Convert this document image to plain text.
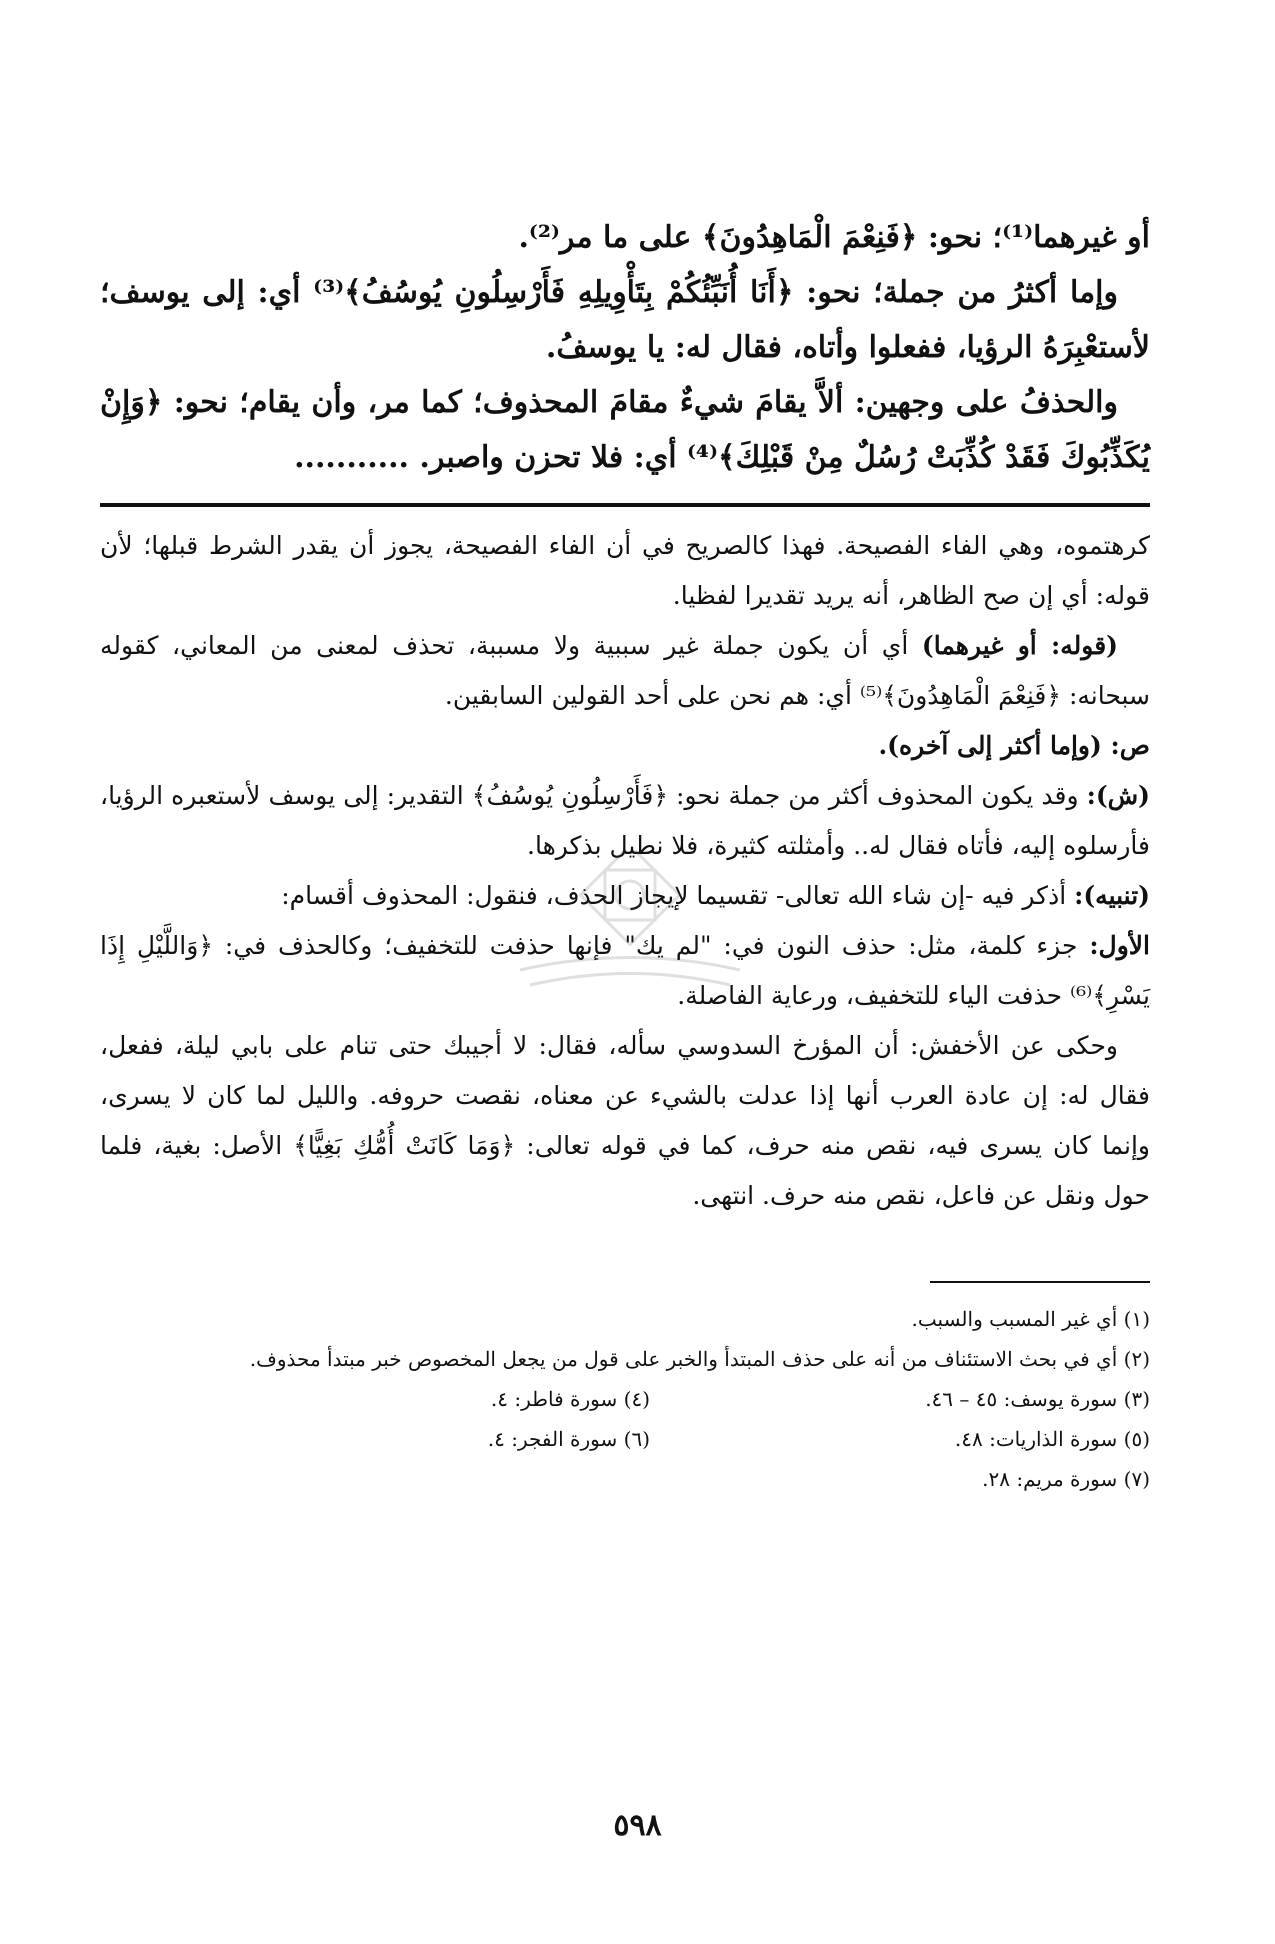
أو غيرهما⁽¹⁾؛ نحو: ﴿فَنِعْمَ الْمَاهِدُونَ﴾ على ما مر⁽²⁾.

وإما أكثرُ من جملة؛ نحو: ﴿أَنَا أُنَبِّئُكُمْ بِتَأْوِيلِهِ فَأَرْسِلُونِ يُوسُفُ﴾⁽³⁾ أي: إلى يوسف؛ لأستعْبِرَهُ الرؤيا، ففعلوا وأتاه، فقال له: يا يوسفُ.

والحذفُ على وجهين: ألاَّ يقامَ شيءٌ مقامَ المحذوف؛ كما مر، وأن يقام؛ نحو: ﴿وَإِنْ يُكَذِّبُوكَ فَقَدْ كُذِّبَتْ رُسُلٌ مِنْ قَبْلِكَ﴾⁽⁴⁾ أي: فلا تحزن واصبر. ...........

كرهتموه، وهي الفاء الفصيحة. فهذا كالصريح في أن الفاء الفصيحة، يجوز أن يقدر الشرط قبلها؛ لأن قوله: أي إن صح الظاهر، أنه يريد تقديرا لفظيا.

(قوله: أو غيرهما) أي أن يكون جملة غير سببية ولا مسببة، تحذف لمعنى من المعاني، كقوله سبحانه: ﴿فَنِعْمَ الْمَاهِدُونَ﴾⁽⁵⁾ أي: هم نحن على أحد القولين السابقين.

ص: (وإما أكثر إلى آخره).

(ش): وقد يكون المحذوف أكثر من جملة نحو: ﴿فَأَرْسِلُونِ يُوسُفُ﴾ التقدير: إلى يوسف لأستعبره الرؤيا، فأرسلوه إليه، فأتاه فقال له.. وأمثلته كثيرة، فلا نطيل بذكرها.

(تنبيه): أذكر فيه -إن شاء الله تعالى- تقسيما لإيجاز الحذف، فنقول: المحذوف أقسام:

الأول: جزء كلمة، مثل: حذف النون في: "لم يك" فإنها حذفت للتخفيف؛ وكالحذف في: ﴿وَاللَّيْلِ إِذَا يَسْرِ﴾⁽⁶⁾ حذفت الياء للتخفيف، ورعاية الفاصلة.

وحكى عن الأخفش: أن المؤرخ السدوسي سأله، فقال: لا أجيبك حتى تنام على بابي ليلة، ففعل، فقال له: إن عادة العرب أنها إذا عدلت بالشيء عن معناه، نقصت حروفه. والليل لما كان لا يسرى، وإنما كان يسرى فيه، نقص منه حرف، كما في قوله تعالى: ﴿وَمَا كَانَتْ أُمُّكِ بَغِيًّا﴾ الأصل: بغية، فلما حول ونقل عن فاعل، نقص منه حرف. انتهى.

(١) أي غير المسبب والسبب.

(٢) أي في بحث الاستئناف من أنه على حذف المبتدأ والخبر على قول من يجعل المخصوص خبر مبتدأ محذوف.

(٣) سورة يوسف: ٤٥ – ٤٦.

(٤) سورة فاطر: ٤.

(٥) سورة الذاريات: ٤٨.

(٦) سورة الفجر: ٤.

(٧) سورة مريم: ٢٨.

٥٩٨
